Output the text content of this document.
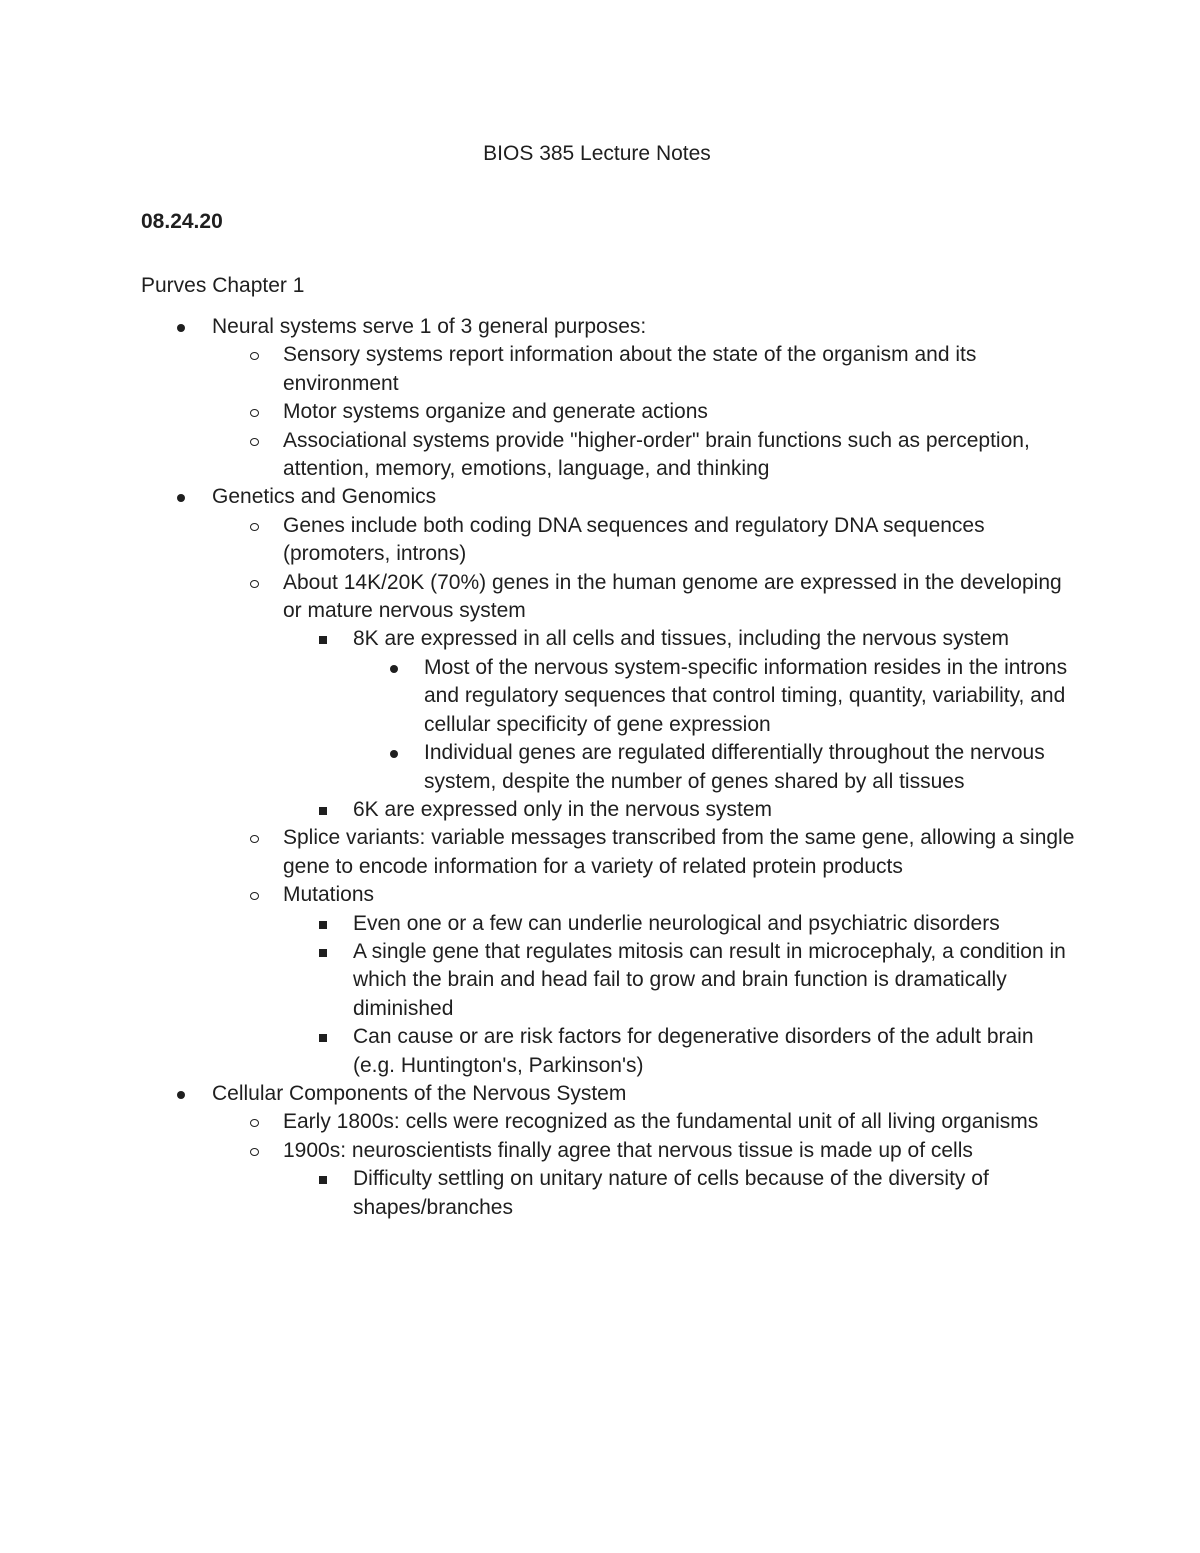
BIOS 385 Lecture Notes
08.24.20
Purves Chapter 1
Neural systems serve 1 of 3 general purposes:
Sensory systems report information about the state of the organism and its environment
Motor systems organize and generate actions
Associational systems provide "higher-order" brain functions such as perception, attention, memory, emotions, language, and thinking
Genetics and Genomics
Genes include both coding DNA sequences and regulatory DNA sequences (promoters, introns)
About 14K/20K (70%) genes in the human genome are expressed in the developing or mature nervous system
8K are expressed in all cells and tissues, including the nervous system
Most of the nervous system-specific information resides in the introns and regulatory sequences that control timing, quantity, variability, and cellular specificity of gene expression
Individual genes are regulated differentially throughout the nervous system, despite the number of genes shared by all tissues
6K are expressed only in the nervous system
Splice variants: variable messages transcribed from the same gene, allowing a single gene to encode information for a variety of related protein products
Mutations
Even one or a few can underlie neurological and psychiatric disorders
A single gene that regulates mitosis can result in microcephaly, a condition in which the brain and head fail to grow and brain function is dramatically diminished
Can cause or are risk factors for degenerative disorders of the adult brain (e.g. Huntington's, Parkinson's)
Cellular Components of the Nervous System
Early 1800s: cells were recognized as the fundamental unit of all living organisms
1900s: neuroscientists finally agree that nervous tissue is made up of cells
Difficulty settling on unitary nature of cells because of the diversity of shapes/branches
